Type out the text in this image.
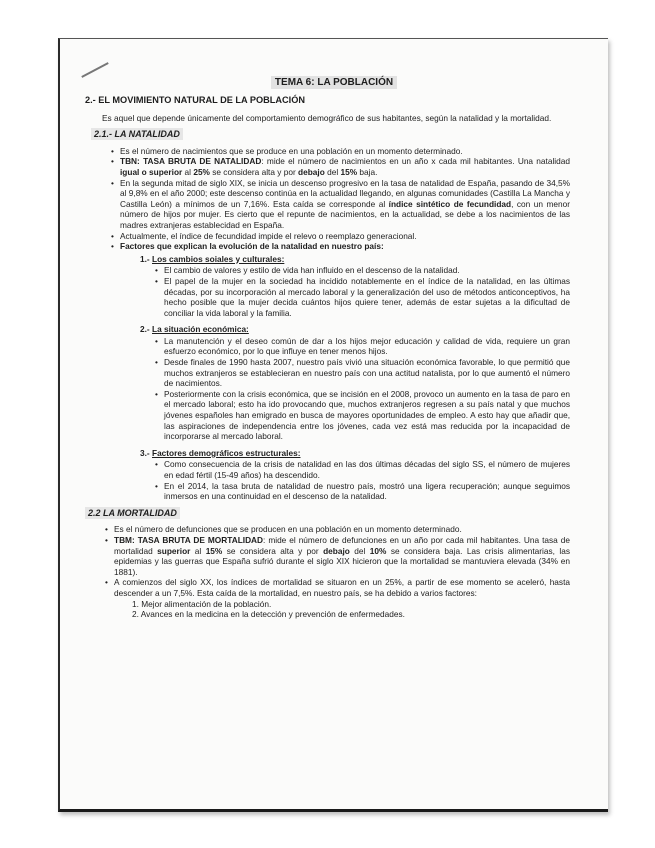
TEMA 6: LA POBLACIÓN
2.- EL MOVIMIENTO NATURAL DE LA POBLACIÓN
Es aquel que depende únicamente del comportamiento demográfico de sus habitantes, según la natalidad y la mortalidad.
2.1.- LA NATALIDAD
• Es el número de nacimientos que se produce en una población en un momento determinado.
• TBN: TASA BRUTA DE NATALIDAD: mide el número de nacimientos en un año x cada mil habitantes. Una natalidad igual o superior al 25% se considera alta y por debajo del 15% baja.
• En la segunda mitad de siglo XIX, se inicia un descenso progresivo en la tasa de natalidad de España, pasando de 34,5% al 9,8% en el año 2000; este descenso continúa en la actualidad llegando, en algunas comunidades (Castilla La Mancha y Castilla León) a mínimos de un 7,16%. Esta caída se corresponde al índice sintético de fecundidad, con un menor número de hijos por mujer. Es cierto que el repunte de nacimientos, en la actualidad, se debe a los nacimientos de las madres extranjeras establecidad en España.
• Actualmente, el índice de fecundidad impide el relevo o reemplazo generacional.
• Factores que explican la evolución de la natalidad en nuestro país:
1.- Los cambios soiales y culturales:
• El cambio de valores y estilo de vida han influido en el descenso de la natalidad.
• El papel de la mujer en la sociedad ha incidido notablemente en el índice de la natalidad, en las últimas décadas, por su incorporación al mercado laboral y la generalización del uso de métodos anticonceptivos, ha hecho posible que la mujer decida cuántos hijos quiere tener, además de estar sujetas a la dificultad de conciliar la vida laboral y la familia.
2.- La situación económica:
• La manutención y el deseo común de dar a los hijos mejor educación y calidad de vida, requiere un gran esfuerzo económico, por lo que influye en tener menos hijos.
• Desde finales de 1990 hasta 2007, nuestro país vivió una situación económica favorable, lo que permitió que muchos extranjeros se establecieran en nuestro país con una actitud natalista, por lo que aumentó el número de nacimientos.
• Posteriormente con la crisis económica, que se incisión en el 2008, provoco un aumento en la tasa de paro en el mercado laboral; esto ha ido provocando que, muchos extranjeros regresen a su país natal y que muchos jóvenes españoles han emigrado en busca de mayores oportunidades de empleo. A esto hay que añadir que, las aspiraciones de independencia entre los jóvenes, cada vez está mas reducida por la incapacidad de incorporarse al mercado laboral.
3.- Factores demográficos estructurales:
• Como consecuencia de la crisis de natalidad en las dos últimas décadas del siglo SS, el número de mujeres en edad fértil (15-49 años) ha descendido.
• En el 2014, la tasa bruta de natalidad de nuestro país, mostró una ligera recuperación; aunque seguimos inmersos en una continuidad en el descenso de la natalidad.
2.2 LA MORTALIDAD
• Es el número de defunciones que se producen en una población en un momento determinado.
• TBM: TASA BRUTA DE MORTALIDAD: mide el número de defunciones en un año por cada mil habitantes. Una tasa de mortalidad superior al 15% se considera alta y por debajo del 10% se considera baja. Las crisis alimentarias, las epidemias y las guerras que España sufrió durante el siglo XIX hicieron que la mortalidad se mantuviera elevada (34% en 1881).
• A comienzos del siglo XX, los índices de mortalidad se situaron en un 25%, a partir de ese momento se aceleró, hasta descender a un 7,5%. Esta caída de la mortalidad, en nuestro país, se ha debido a varios factores:
1. Mejor alimentación de la población.
2. Avances en la medicina en la detección y prevención de enfermedades.
